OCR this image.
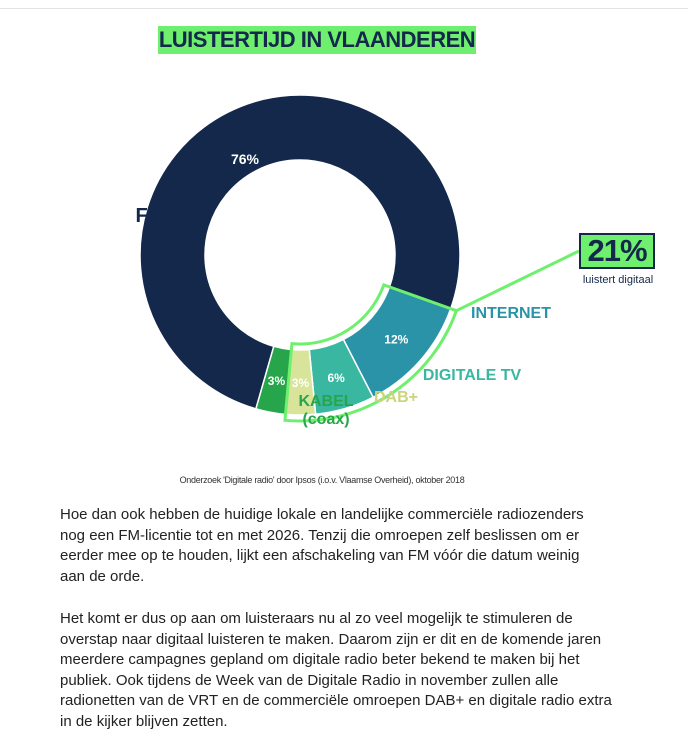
76%
12%
6%
3%
3%
FM
INTERNET
DIGITALE TV
DAB+
KABEL (coax)
LUISTERTIJD IN VLAANDEREN
21%
luistert digitaal
Onderzoek 'Digitale radio' door Ipsos (i.o.v. Vlaamse Overheid), oktober 2018

Hoe dan ook hebben de huidige lokale en landelijke commerciële radiozenders nog een FM-licentie tot en met 2026. Tenzij die omroepen zelf beslissen om er eerder mee op te houden, lijkt een afschakeling van FM vóór die datum weinig aan de orde.

Het komt er dus op aan om luisteraars nu al zo veel mogelijk te stimuleren de overstap naar digitaal luisteren te maken. Daarom zijn er dit en de komende jaren meerdere campagnes gepland om digitale radio beter bekend te maken bij het publiek. Ook tijdens de Week van de Digitale Radio in november zullen alle radionetten van de VRT en de commerciële omroepen DAB+ en digitale radio extra in de kijker blijven zetten.
